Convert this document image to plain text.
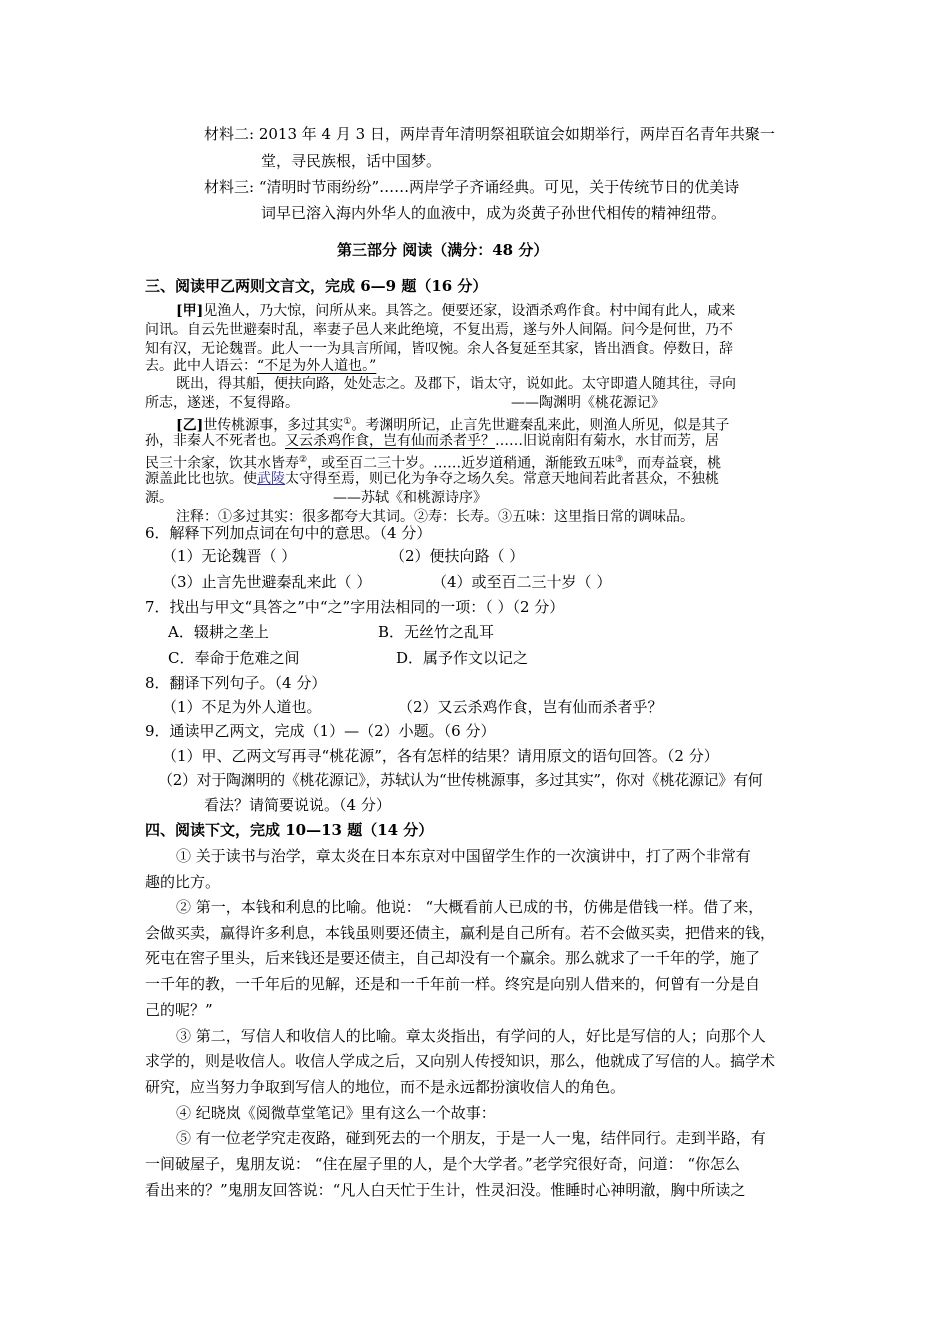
材料二: 2013 年 4 月 3 日，两岸青年清明祭祖联谊会如期举行，两岸百名青年共聚一
堂，寻民族根，话中国梦。
材料三: “清明时节雨纷纷”……两岸学子齐诵经典。可见，关于传统节日的优美诗
词早已溶入海内外华人的血液中，成为炎黄子孙世代相传的精神纽带。
第三部分 阅读（满分：48 分）
三、阅读甲乙两则文言文，完成 6—9 题（16 分）
[甲]见渔人，乃大惊，问所从来。具答之。便要还家，设酒杀鸡作食。村中闻有此人，咸来
问讯。自云先世避秦时乱，率妻子邑人来此绝境，不复出焉，遂与外人间隔。问今是何世，乃不
知有汉，无论魏晋。此人一一为具言所闻，皆叹惋。余人各复延至其家，皆出酒食。停数日，辞
去。此中人语云：“不足为外人道也。”
既出，得其船，便扶向路，处处志之。及郡下，诣太守，说如此。太守即遣人随其往，寻向
所志，遂迷，不复得路。	——陶渊明《桃花源记》
[乙]世传桃源事，多过其实①。考渊明所记，止言先世避秦乱来此，则渔人所见，似是其子
孙，非秦人不死者也。又云杀鸡作食，岂有仙而杀者乎？……旧说南阳有菊水，水甘而芳，居
民三十余家，饮其水皆寿②，或至百二三十岁。……近岁道稍通，渐能致五味③，而寿益衰，桃
源盖此比也欤。使武陵太守得至焉，则已化为争夺之场久矣。常意天地间若此者甚众，不独桃
源。	——苏轼《和桃源诗序》
注释：①多过其实：很多都夸大其词。②寿：长寿。③五味：这里指日常的调味品。
6．解释下列加点词在句中的意思。（4 分）
（1）无论魏晋（ ）	（2）便扶向路（ ）
（3）止言先世避秦乱来此（ ）	（4）或至百二三十岁（ ）
7．找出与甲文“具答之”中“之”字用法相同的一项：（ ）（2 分）
A．辍耕之垄上	B．无丝竹之乱耳
C．奉命于危难之间	D．属予作文以记之
8．翻译下列句子。（4 分）
（1）不足为外人道也。	（2）又云杀鸡作食，岂有仙而杀者乎？
9．通读甲乙两文，完成（1）—（2）小题。（6 分）
（1）甲、乙两文写再寻“桃花源”，各有怎样的结果？请用原文的语句回答。（2 分）
（2）对于陶渊明的《桃花源记》，苏轼认为“世传桃源事，多过其实”，你对《桃花源记》有何
看法？请简要说说。（4 分）
四、阅读下文，完成 10—13 题（14 分）
① 关于读书与治学，章太炎在日本东京对中国留学生作的一次演讲中，打了两个非常有
趣的比方。
② 第一，本钱和利息的比喻。他说： “大概看前人已成的书，仿佛是借钱一样。借了来，
会做买卖，赢得许多利息，本钱虽则要还债主，赢利是自己所有。若不会做买卖，把借来的钱，
死屯在窖子里头，后来钱还是要还债主，自己却没有一个赢余。那么就求了一千年的学，施了
一千年的教，一千年后的见解，还是和一千年前一样。终究是向别人借来的，何曾有一分是自
己的呢？”
③ 第二，写信人和收信人的比喻。章太炎指出，有学问的人，好比是写信的人；向那个人
求学的，则是收信人。收信人学成之后，又向别人传授知识，那么，他就成了写信的人。搞学术
研究，应当努力争取到写信人的地位，而不是永远都扮演收信人的角色。
④ 纪晓岚《阅微草堂笔记》里有这么一个故事：
⑤ 有一位老学究走夜路，碰到死去的一个朋友，于是一人一鬼，结伴同行。走到半路，有
一间破屋子，鬼朋友说： “住在屋子里的人，是个大学者。”老学究很好奇，问道： “你怎么
看出来的？”鬼朋友回答说：“凡人白天忙于生计，性灵汩没。惟睡时心神明澈，胸中所读之
